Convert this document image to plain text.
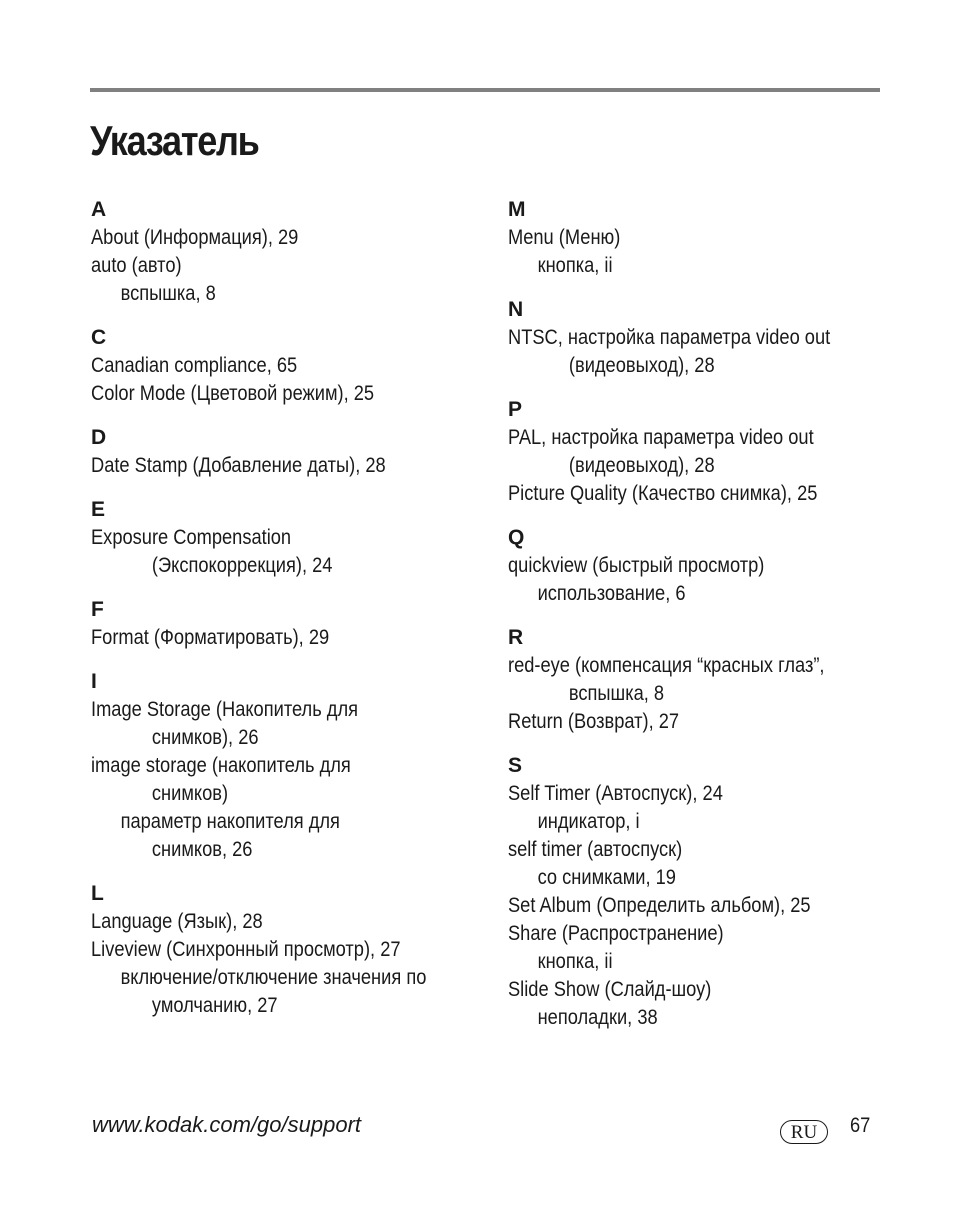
Указатель
A
About (Информация), 29
auto (авто)
вспышка, 8
C
Canadian compliance, 65
Color Mode (Цветовой режим), 25
D
Date Stamp (Добавление даты), 28
E
Exposure Compensation
(Экспокоррекция), 24
F
Format (Форматировать), 29
I
Image Storage (Накопитель для
снимков), 26
image storage (накопитель для
снимков)
параметр накопителя для
снимков, 26
L
Language (Язык), 28
Liveview (Синхронный просмотр), 27
включение/отключение значения по
умолчанию, 27
M
Menu (Меню)
кнопка, ii
N
NTSC, настройка параметра video out
(видеовыход), 28
P
PAL, настройка параметра video out
(видеовыход), 28
Picture Quality (Качество снимка), 25
Q
quickview (быстрый просмотр)
использование, 6
R
red-eye (компенсация “красных глаз”,
вспышка, 8
Return (Возврат), 27
S
Self Timer (Автоспуск), 24
индикатор, i
self timer (автоспуск)
со снимками, 19
Set Album (Определить альбом), 25
Share (Распространение)
кнопка, ii
Slide Show (Слайд-шоу)
неполадки, 38
www.kodak.com/go/support	RU	67
